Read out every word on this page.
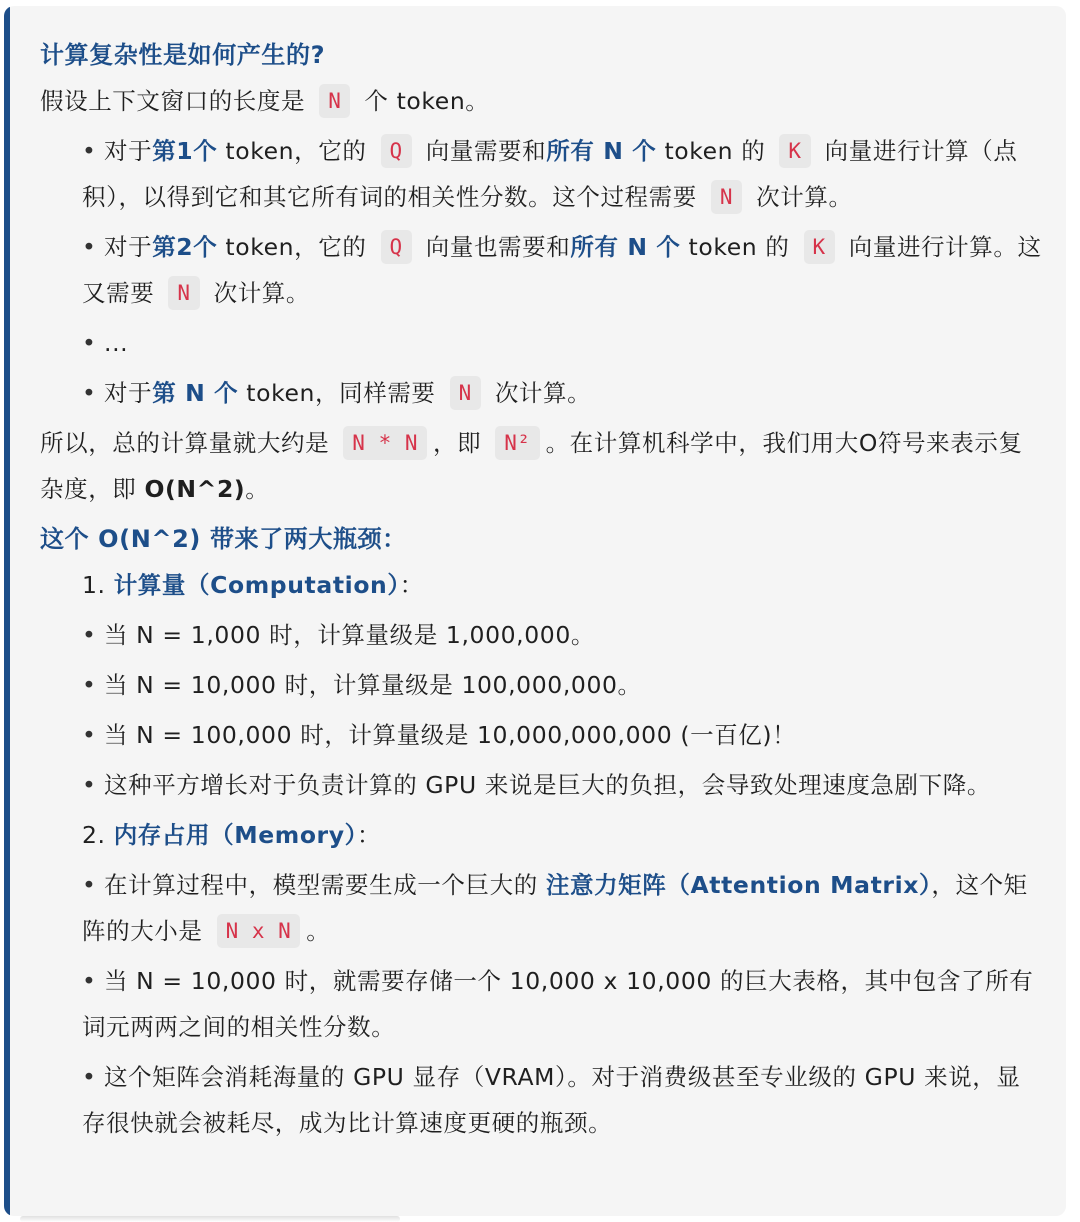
计算复杂性是如何产生的?
假设上下文窗口的长度是 N 个 token。
• 对于第1个 token，它的 Q 向量需要和所有 N 个 token 的 K 向量进行计算（点积），以得到它和其它所有词的相关性分数。这个过程需要 N 次计算。
• 对于第2个 token，它的 Q 向量也需要和所有 N 个 token 的 K 向量进行计算。这又需要 N 次计算。
• ...
• 对于第 N 个 token，同样需要 N 次计算。
所以，总的计算量就大约是 N * N ，即 N² 。在计算机科学中，我们用大O符号来表示复杂度，即 O(N^2)。
这个 O(N^2) 带来了两大瓶颈：
1. 计算量（Computation）：
• 当 N = 1,000 时，计算量级是 1,000,000。
• 当 N = 10,000 时，计算量级是 100,000,000。
• 当 N = 100,000 时，计算量级是 10,000,000,000 (一百亿)！
• 这种平方增长对于负责计算的 GPU 来说是巨大的负担，会导致处理速度急剧下降。
2. 内存占用（Memory）：
• 在计算过程中，模型需要生成一个巨大的 注意力矩阵（Attention Matrix），这个矩阵的大小是 N x N 。
• 当 N = 10,000 时，就需要存储一个 10,000 x 10,000 的巨大表格，其中包含了所有词元两两之间的相关性分数。
• 这个矩阵会消耗海量的 GPU 显存（VRAM）。对于消费级甚至专业级的 GPU 来说，显存很快就会被耗尽，成为比计算速度更硬的瓶颈。
